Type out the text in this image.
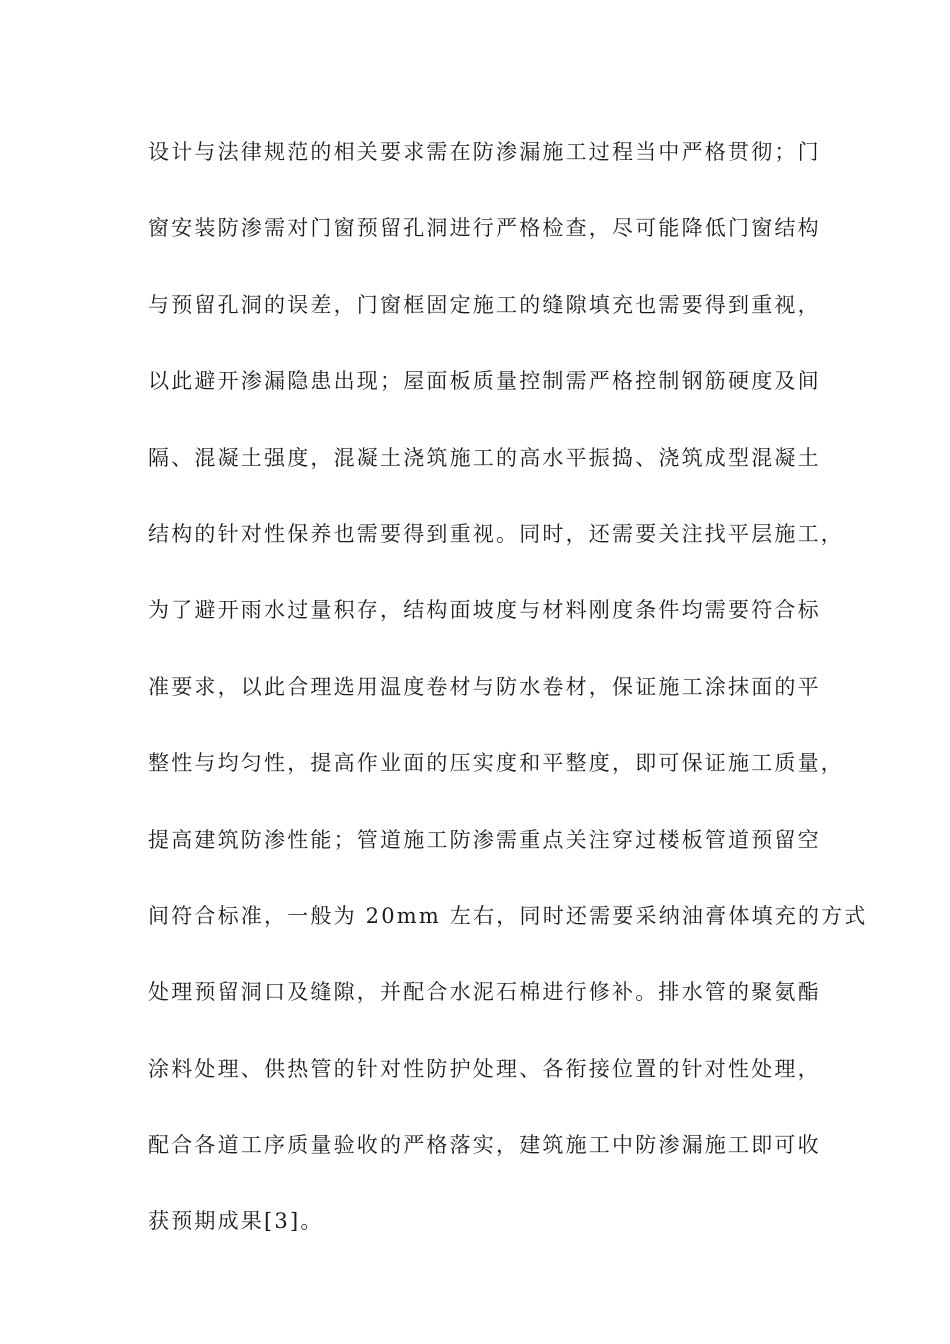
设计与法律规范的相关要求需在防渗漏施工过程当中严格贯彻；门
窗安装防渗需对门窗预留孔洞进行严格检查，尽可能降低门窗结构
与预留孔洞的误差，门窗框固定施工的缝隙填充也需要得到重视，
以此避开渗漏隐患出现；屋面板质量控制需严格控制钢筋硬度及间
隔、混凝土强度，混凝土浇筑施工的高水平振捣、浇筑成型混凝土
结构的针对性保养也需要得到重视。同时，还需要关注找平层施工，
为了避开雨水过量积存，结构面坡度与材料刚度条件均需要符合标
准要求，以此合理选用温度卷材与防水卷材，保证施工涂抹面的平
整性与均匀性，提高作业面的压实度和平整度，即可保证施工质量，
提高建筑防渗性能；管道施工防渗需重点关注穿过楼板管道预留空
间符合标准，一般为 20mm 左右，同时还需要采纳油膏体填充的方式
处理预留洞口及缝隙，并配合水泥石棉进行修补。排水管的聚氨酯
涂料处理、供热管的针对性防护处理、各衔接位置的针对性处理，
配合各道工序质量验收的严格落实，建筑施工中防渗漏施工即可收
获预期成果[3]。
